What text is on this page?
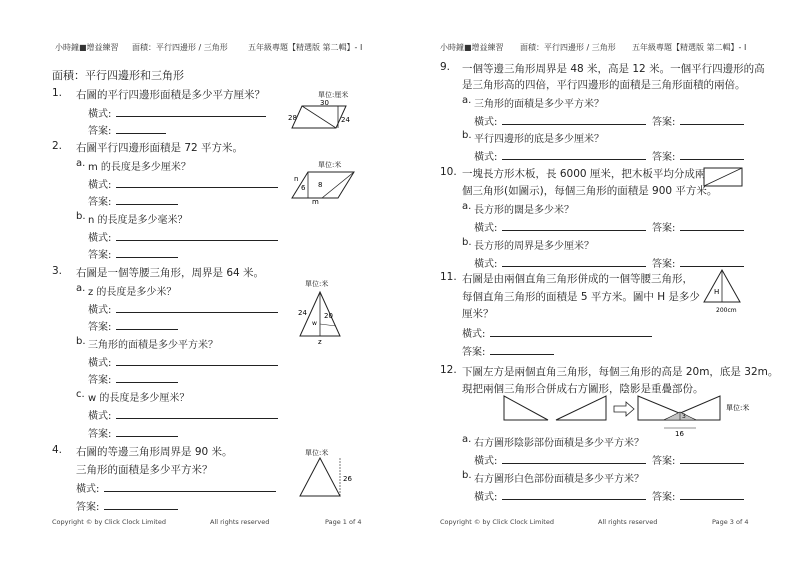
小時鐘■增益練習 面積：平行四邊形 / 三角形	五年級專題【精選版 第二輯】- I
面積：平行四邊形和三角形
1. 右圖的平行四邊形面積是多少平方厘米？
橫式:
答案:
單位:厘米
30
28	24
2. 右圖平行四邊形面積是 72 平方米。
a. m 的長度是多少厘米？
橫式:
答案:
b. n 的長度是多少毫米？
橫式:
答案:
單位:米
n
6 8
m
3. 右圖是一個等腰三角形，周界是 64 米。
a. z 的長度是多少米？
橫式:
答案:
b. 三角形的面積是多少平方米？
橫式:
答案:
c. w 的長度是多少厘米？
橫式:
答案:
單位:米
24
w
20
z
4. 右圖的等邊三角形周界是 90 米。
三角形的面積是多少平方米？
橫式:
答案:
單位:米
26
Copyright © by Click Clock Limited	All rights reserved	Page 1 of 4
小時鐘■增益練習 面積：平行四邊形 / 三角形 五年級專題【精選版 第二輯】- I
9. 一個等邊三角形周界是 48 米，高是 12 米。一個平行四邊形的高
是三角形高的四倍，平行四邊形的面積是三角形面積的兩倍。
a. 三角形的面積是多少平方米？
橫式:	答案:
b. 平行四邊形的底是多少厘米？
橫式:	答案:
10. 一塊長方形木板，長 6000 厘米，把木板平均分成兩
個三角形(如圖示)，每個三角形的面積是 900 平方米。
a. 長方形的闊是多少米？
橫式:	答案:
b. 長方形的周界是多少厘米？
橫式:	答案:
11. 右圖是由兩個直角三角形併成的一個等腰三角形，
每個直角三角形的面積是 5 平方米。圖中 H 是多少
厘米？
H
200cm
橫式:
答案:
12. 下圖左方是兩個直角三角形，每個三角形的高是 20m，底是 32m。
現把兩個三角形合併成右方圖形，陰影是重疊部份。
16
3
單位:米
a. 右方圖形陰影部份面積是多少平方米？
橫式:	答案:
b. 右方圖形白色部份面積是多少平方米？
橫式:	答案:
Copyright © by Click Clock Limited	All rights reserved	Page 3 of 4
